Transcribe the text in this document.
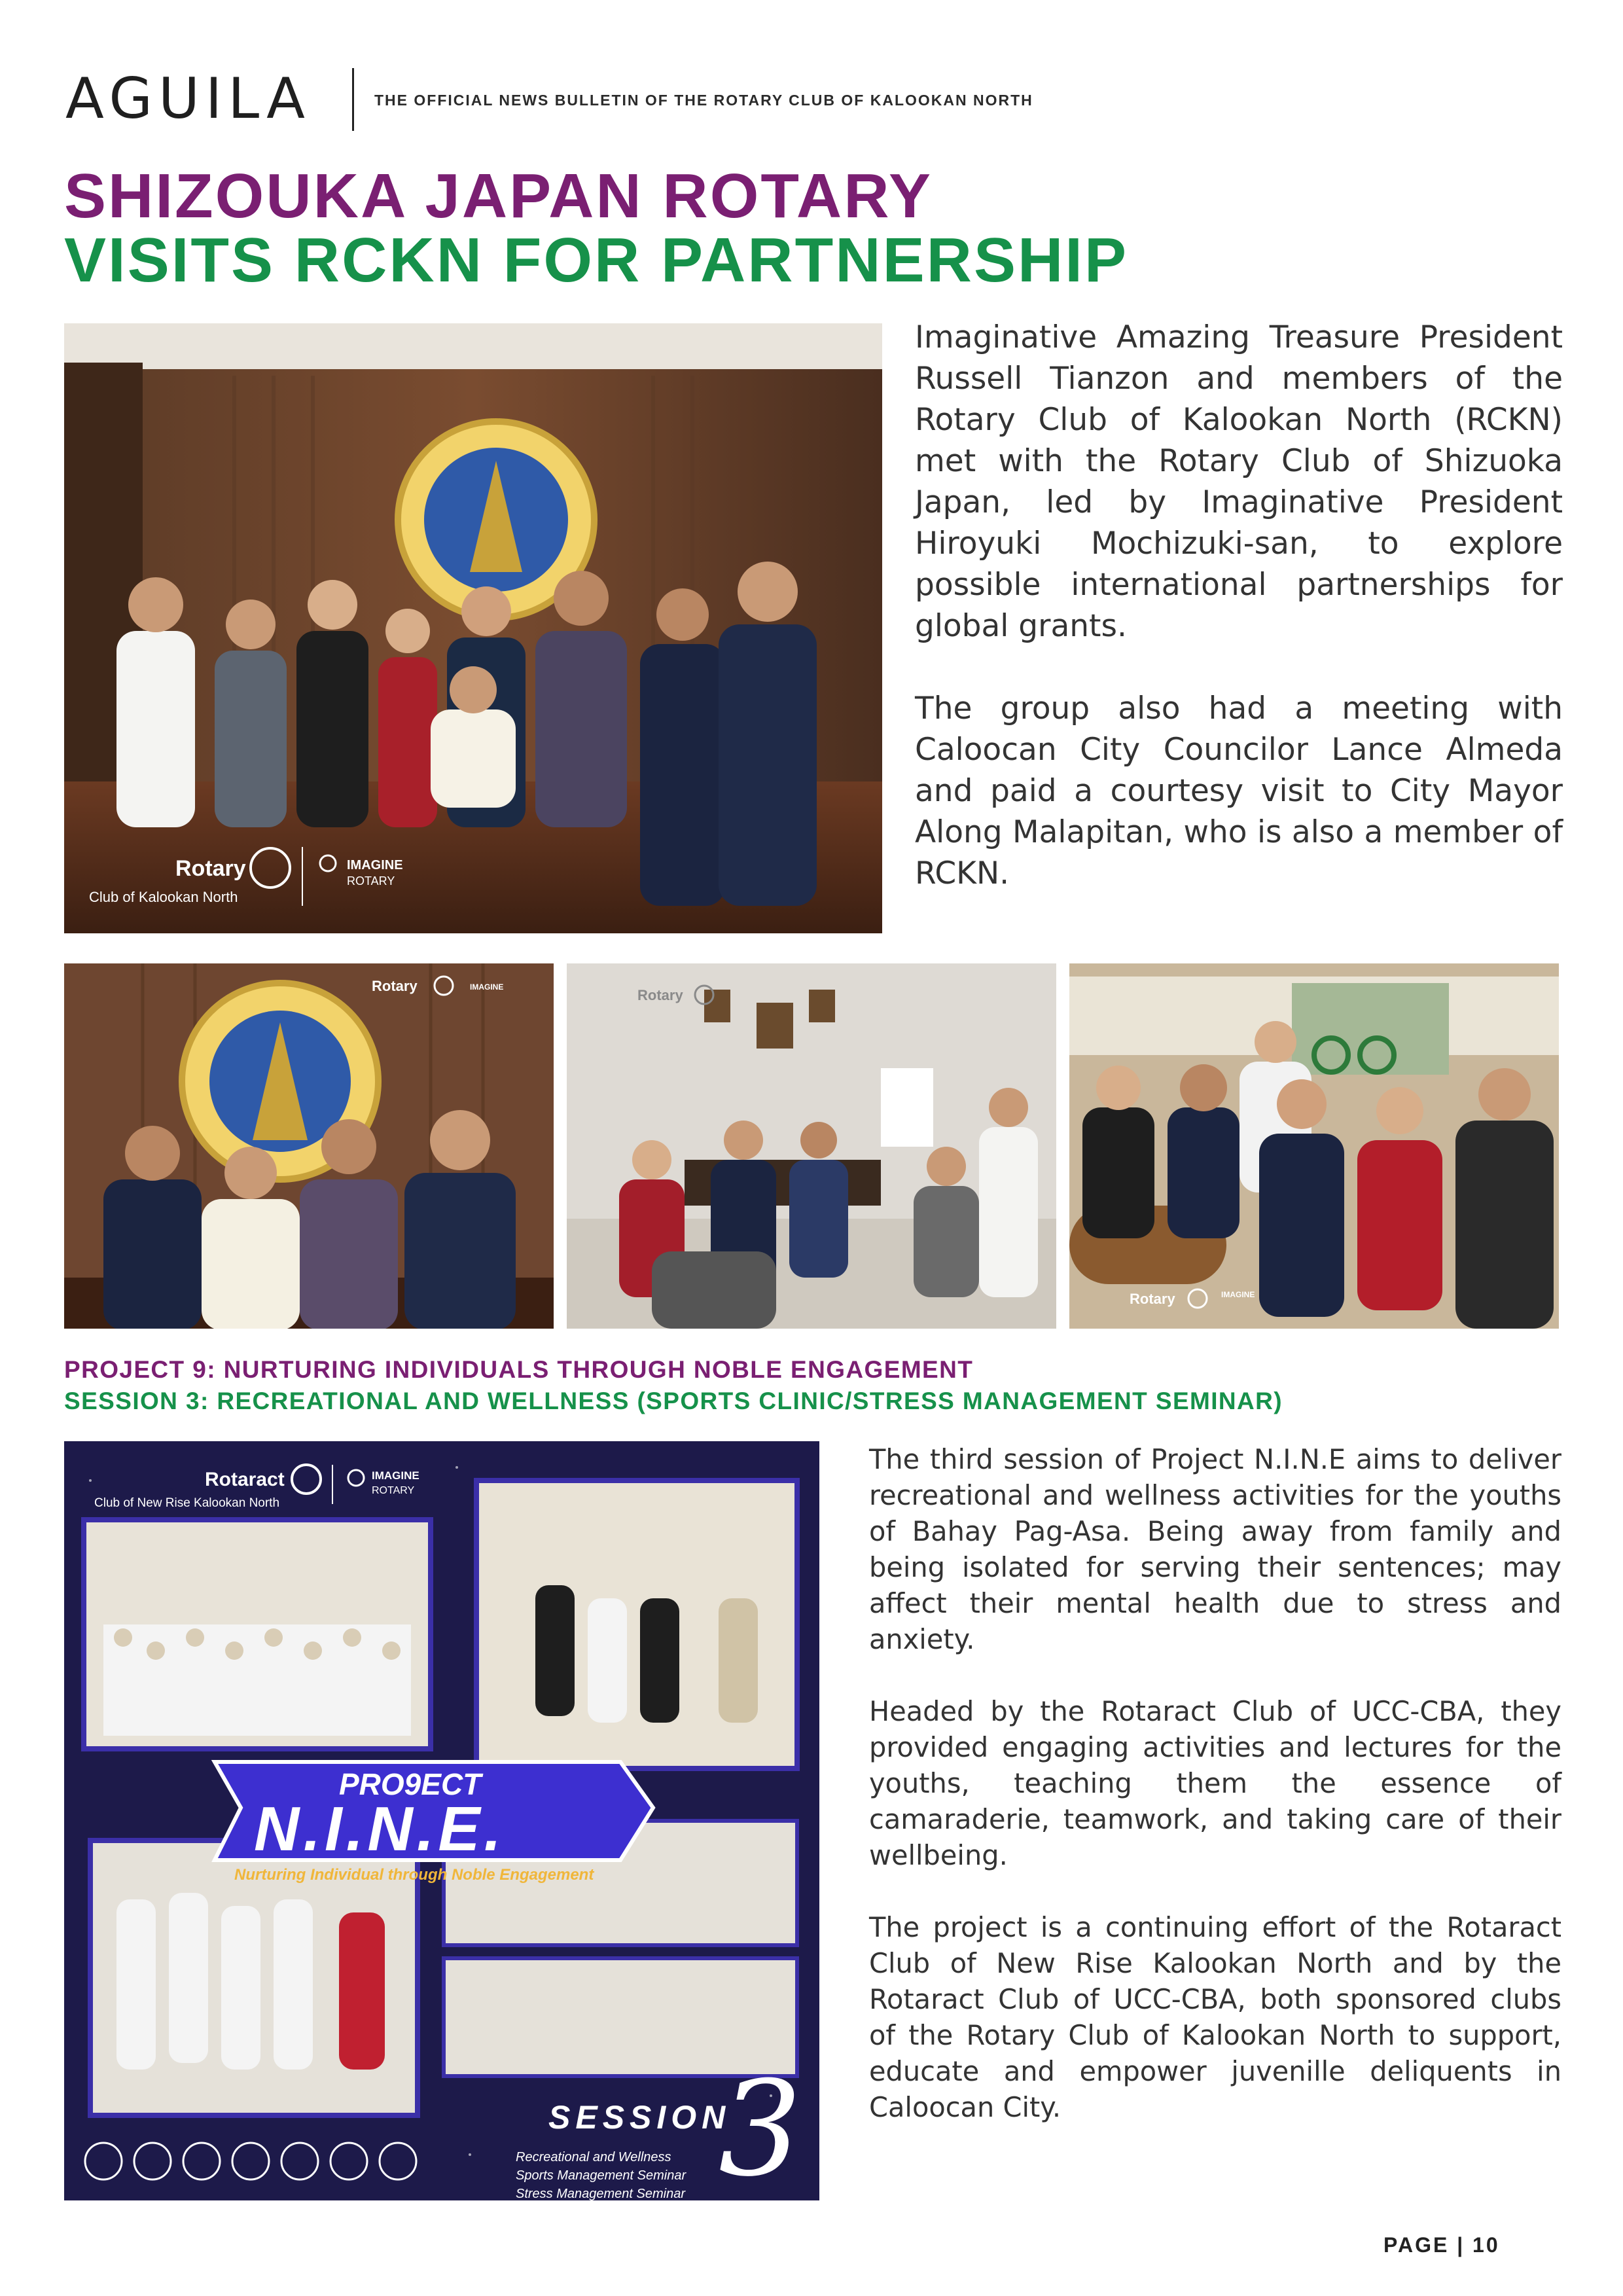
AGUILA	THE OFFICIAL NEWS BULLETIN OF THE ROTARY CLUB OF KALOOKAN NORTH
SHIZOUKA JAPAN ROTARY
VISITS RCKN FOR PARTNERSHIP
Rotary
Club of Kalookan North
IMAGINE
ROTARY

Imaginative Amazing Treasure President Russell Tianzon and members of the Rotary Club of Kalookan North (RCKN) met with the Rotary Club of Shizuoka Japan, led by Imaginative President Hiroyuki Mochizuki-san, to explore possible international partnerships for global grants.

The group also had a meeting with Caloocan City Councilor Lance Almeda and paid a courtesy visit to City Mayor Along Malapitan, who is also a member of RCKN.

Rotary	IMAGINE	Rotary
Rotary	IMAGINE
PROJECT 9: NURTURING INDIVIDUALS THROUGH NOBLE ENGAGEMENT
SESSION 3: RECREATIONAL AND WELLNESS (SPORTS CLINIC/STRESS MANAGEMENT SEMINAR)
PRO9ECT
N.I.N.E.
Nurturing Individual through Noble Engagement
Rotaract
Club of New Rise Kalookan North
IMAGINE
ROTARY
SESSION
3
Recreational and Wellness
Sports Management Seminar
Stress Management Seminar

The third session of Project N.I.N.E aims to deliver recreational and wellness activities for the youths of Bahay Pag-Asa. Being away from family and being isolated for serving their sentences; may affect their mental health due to stress and anxiety.

Headed by the Rotaract Club of UCC-CBA, they provided engaging activities and lectures for the youths, teaching them the essence of camaraderie, teamwork, and taking care of their wellbeing.

The project is a continuing effort of the Rotaract Club of New Rise Kalookan North and by the Rotaract Club of UCC-CBA, both sponsored clubs of the Rotary Club of Kalookan North to support, educate and empower juvenille deliquents in Caloocan City.

PAGE | 10
